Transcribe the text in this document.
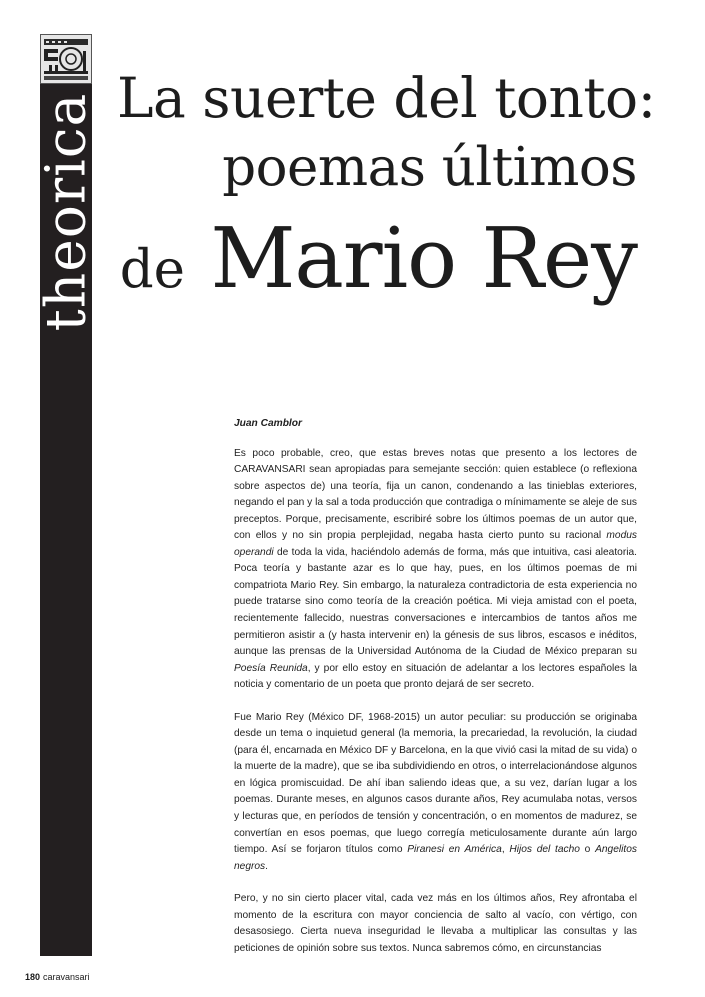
theorica La suerte del tonto:
poemas últimos
de Mario Rey
Juan Camblor

Es poco probable, creo, que estas breves notas que presento a los lectores de CARAVANSARI sean apropiadas para semejante sección: quien establece (o reflexiona sobre aspectos de) una teoría, fija un canon, condenando a las tinieblas exteriores, negando el pan y la sal a toda producción que contradiga o mínimamente se aleje de sus preceptos. Porque, precisamente, escribiré sobre los últimos poemas de un autor que, con ellos y no sin propia perplejidad, negaba hasta cierto punto su racional modus operandi de toda la vida, haciéndolo además de forma, más que intuitiva, casi aleatoria. Poca teoría y bastante azar es lo que hay, pues, en los últimos poemas de mi compatriota Mario Rey. Sin embargo, la naturaleza contradictoria de esta experiencia no puede tratarse sino como teoría de la creación poética. Mi vieja amistad con el poeta, recientemente fallecido, nuestras conversaciones e intercambios de tantos años me permitieron asistir a (y hasta intervenir en) la génesis de sus libros, escasos e inéditos, aunque las prensas de la Universidad Autónoma de la Ciudad de México preparan su Poesía Reunida, y por ello estoy en situación de adelantar a los lectores españoles la noticia y comentario de un poeta que pronto dejará de ser secreto.

Fue Mario Rey (México DF, 1968-2015) un autor peculiar: su producción se originaba desde un tema o inquietud general (la memoria, la precariedad, la revolución, la ciudad (para él, encarnada en México DF y Barcelona, en la que vivió casi la mitad de su vida) o la muerte de la madre), que se iba subdividiendo en otros, o interrelacionándose algunos en lógica promiscuidad. De ahí iban saliendo ideas que, a su vez, darían lugar a los poemas. Durante meses, en algunos casos durante años, Rey acumulaba notas, versos y lecturas que, en períodos de tensión y concentración, o en momentos de madurez, se convertían en esos poemas, que luego corregía meticulosamente durante aún largo tiempo. Así se forjaron títulos como Piranesi en América, Hijos del tacho o Angelitos negros.

Pero, y no sin cierto placer vital, cada vez más en los últimos años, Rey afrontaba el momento de la escritura con mayor conciencia de salto al vacío, con vértigo, con desasosiego. Cierta nueva inseguridad le llevaba a multiplicar las consultas y las peticiones de opinión sobre sus textos. Nunca sabremos cómo, en circunstancias

180 caravansari
